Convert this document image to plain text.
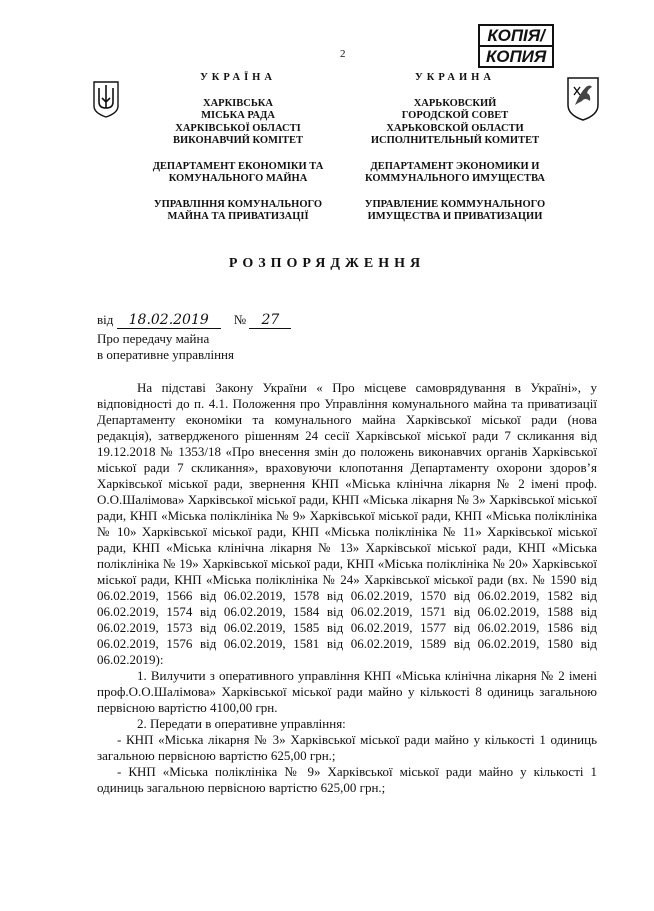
2
КОПІЯ/
КОПИЯ
УКРАЇНА
ХАРКІВСЬКА
МІСЬКА РАДА
ХАРКІВСЬКОЇ ОБЛАСТІ
ВИКОНАВЧИЙ КОМІТЕТ
ДЕПАРТАМЕНТ ЕКОНОМІКИ ТА
КОМУНАЛЬНОГО МАЙНА
УПРАВЛІННЯ КОМУНАЛЬНОГО
МАЙНА ТА ПРИВАТИЗАЦІЇ
УКРАИНА
ХАРЬКОВСКИЙ
ГОРОДСКОЙ СОВЕТ
ХАРЬКОВСКОЙ ОБЛАСТИ
ИСПОЛНИТЕЛЬНЫЙ КОМИТЕТ
ДЕПАРТАМЕНТ ЭКОНОМИКИ И
КОММУНАЛЬНОГО ИМУЩЕСТВА
УПРАВЛЕНИЕ КОММУНАЛЬНОГО
ИМУЩЕСТВА И ПРИВАТИЗАЦИИ
РОЗПОРЯДЖЕННЯ
від 18.02.2019 № 27
Про передачу майна
в оперативне управління

На підставі Закону України « Про місцеве самоврядування в Україні», у відповідності до п. 4.1. Положення про Управління комунального майна та приватизації Департаменту економіки та комунального майна Харківської міської ради (нова редакція), затвердженого рішенням 24 сесії Харківської міської ради 7 скликання від 19.12.2018 № 1353/18 «Про внесення змін до положень виконавчих органів Харківської міської ради 7 скликання», враховуючи клопотання Департаменту охорони здоров’я Харківської міської ради, звернення КНП «Міська клінічна лікарня № 2 імені проф. О.О.Шалімова» Харківської міської ради, КНП «Міська лікарня № 3» Харківської міської ради, КНП «Міська поліклініка № 9» Харківської міської ради, КНП «Міська поліклініка № 10» Харківської міської ради, КНП «Міська поліклініка № 11» Харківської міської ради, КНП «Міська клінічна лікарня № 13» Харківської міської ради, КНП «Міська поліклініка № 19» Харківської міської ради, КНП «Міська поліклініка № 20» Харківської міської ради, КНП «Міська поліклініка № 24» Харківської міської ради (вх. № 1590 від 06.02.2019, 1566 від 06.02.2019, 1578 від 06.02.2019, 1570 від 06.02.2019, 1582 від 06.02.2019, 1574 від 06.02.2019, 1584 від 06.02.2019, 1571 від 06.02.2019, 1588 від 06.02.2019, 1573 від 06.02.2019, 1585 від 06.02.2019, 1577 від 06.02.2019, 1586 від 06.02.2019, 1576 від 06.02.2019, 1581 від 06.02.2019, 1589 від 06.02.2019, 1580 від 06.02.2019):

1. Вилучити з оперативного управління КНП «Міська клінічна лікарня № 2 імені проф.О.О.Шалімова» Харківської міської ради майно у кількості 8 одиниць загальною первісною вартістю 4100,00 грн.

2. Передати в оперативне управління:

- КНП «Міська лікарня № 3» Харківської міської ради майно у кількості 1 одиниць загальною первісною вартістю 625,00 грн.;

- КНП «Міська поліклініка № 9» Харківської міської ради майно у кількості 1 одиниць загальною первісною вартістю 625,00 грн.;
